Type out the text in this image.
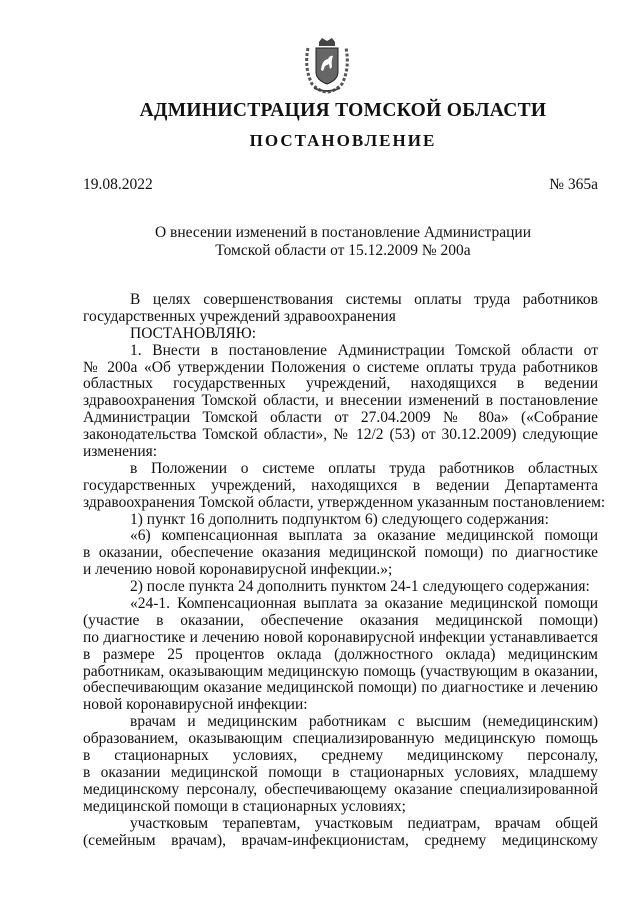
АДМИНИСТРАЦИЯ ТОМСКОЙ ОБЛАСТИ
ПОСТАНОВЛЕНИЕ
19.08.2022	№ 365а
О внесении изменений в постановление Администрации
Томской области от 15.12.2009 № 200а
В целях совершенствования системы оплаты труда работников
государственных учреждений здравоохранения
ПОСТАНОВЛЯЮ:
1. Внести в постановление Администрации Томской области от
№ 200а «Об утверждении Положения о системе оплаты труда работников
областных государственных учреждений, находящихся в ведении
здравоохранения Томской области, и внесении изменений в постановление
Администрации Томской области от 27.04.2009 № 80а» («Собрание
законодательства Томской области», № 12/2 (53) от 30.12.2009) следующие
изменения:
в Положении о системе оплаты труда работников областных
государственных учреждений, находящихся в ведении Департамента
здравоохранения Томской области, утвержденном указанным постановлением:
1) пункт 16 дополнить подпунктом 6) следующего содержания:
«6) компенсационная выплата за оказание медицинской помощи
в оказании, обеспечение оказания медицинской помощи) по диагностике
и лечению новой коронавирусной инфекции.»;
2) после пункта 24 дополнить пунктом 24-1 следующего содержания:
«24-1. Компенсационная выплата за оказание медицинской помощи
(участие в оказании, обеспечение оказания медицинской помощи)
по диагностике и лечению новой коронавирусной инфекции устанавливается
в размере 25 процентов оклада (должностного оклада) медицинским
работникам, оказывающим медицинскую помощь (участвующим в оказании,
обеспечивающим оказание медицинской помощи) по диагностике и лечению
новой коронавирусной инфекции:
врачам и медицинским работникам с высшим (немедицинским)
образованием, оказывающим специализированную медицинскую помощь
в стационарных условиях, среднему медицинскому персоналу,
в оказании медицинской помощи в стационарных условиях, младшему
медицинскому персоналу, обеспечивающему оказание специализированной
медицинской помощи в стационарных условиях;
участковым терапевтам, участковым педиатрам, врачам общей
(семейным врачам), врачам-инфекционистам, среднему медицинскому
